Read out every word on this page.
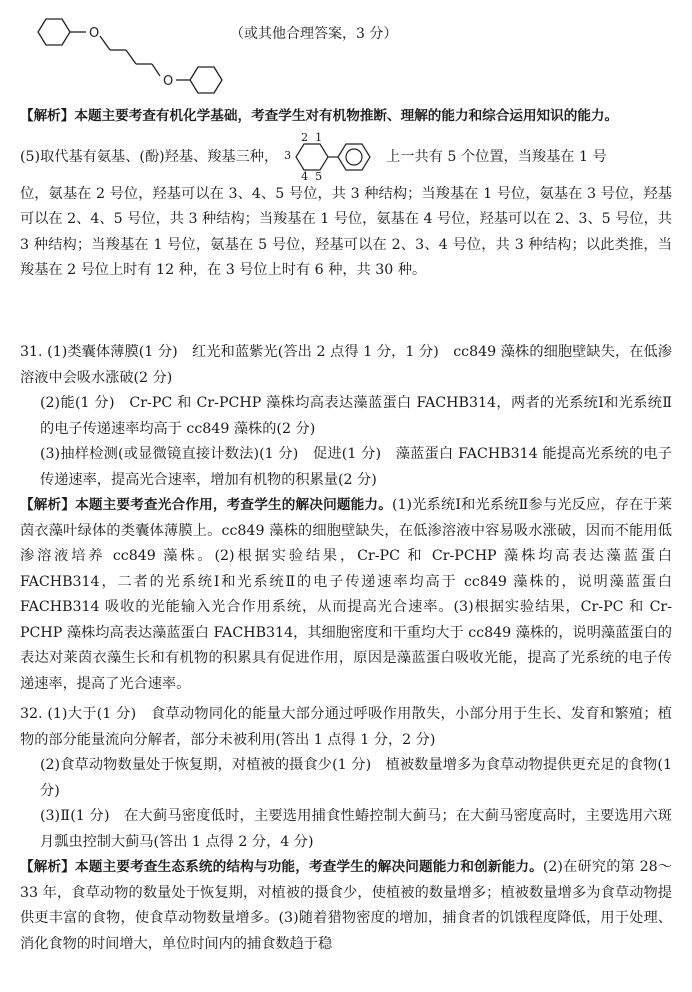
O
O
（或其他合理答案，3 分）

【解析】本题主要考查有机化学基础，考查学生对有机物推断、理解的能力和综合运用知识的能力。

(5)取代基有氨基、(酚)羟基、羧基三种， 3
2 1
4 5
上一共有 5 个位置，当羧基在 1 号

位，氨基在 2 号位，羟基可以在 3、4、5 号位，共 3 种结构；当羧基在 1 号位，氨基在 3 号位，羟基可以在 2、4、5 号位，共 3 种结构；当羧基在 1 号位，氨基在 4 号位，羟基可以在 2、3、5 号位，共 3 种结构；当羧基在 1 号位，氨基在 5 号位，羟基可以在 2、3、4 号位，共 3 种结构；以此类推，当羧基在 2 号位上时有 12 种，在 3 号位上时有 6 种，共 30 种。

31. (1)类囊体薄膜(1 分)　红光和蓝紫光(答出 2 点得 1 分，1 分)　cc849 藻株的细胞壁缺失，在低渗溶液中会吸水涨破(2 分)

(2)能(1 分)　Cr-PC 和 Cr-PCHP 藻株均高表达藻蓝蛋白 FACHB314，两者的光系统Ⅰ和光系统Ⅱ的电子传递速率均高于 cc849 藻株的(2 分)

(3)抽样检测(或显微镜直接计数法)(1 分)　促进(1 分)　藻蓝蛋白 FACHB314 能提高光系统的电子传递速率，提高光合速率，增加有机物的积累量(2 分)

【解析】本题主要考查光合作用，考查学生的解决问题能力。(1)光系统Ⅰ和光系统Ⅱ参与光反应，存在于莱茵衣藻叶绿体的类囊体薄膜上。cc849 藻株的细胞壁缺失，在低渗溶液中容易吸水涨破，因而不能用低渗溶液培养 cc849 藻株。(2)根据实验结果，Cr-PC 和 Cr-PCHP 藻株均高表达藻蓝蛋白 FACHB314，二者的光系统Ⅰ和光系统Ⅱ的电子传递速率均高于 cc849 藻株的，说明藻蓝蛋白 FACHB314 吸收的光能输入光合作用系统，从而提高光合速率。(3)根据实验结果，Cr-PC 和 Cr-PCHP 藻株均高表达藻蓝蛋白 FACHB314，其细胞密度和干重均大于 cc849 藻株的，说明藻蓝蛋白的表达对莱茵衣藻生长和有机物的积累具有促进作用，原因是藻蓝蛋白吸收光能，提高了光系统的电子传递速率，提高了光合速率。

32. (1)大于(1 分)　食草动物同化的能量大部分通过呼吸作用散失，小部分用于生长、发育和繁殖；植物的部分能量流向分解者，部分未被利用(答出 1 点得 1 分，2 分)

(2)食草动物数量处于恢复期，对植被的摄食少(1 分)　植被数量增多为食草动物提供更充足的食物(1 分)

(3)Ⅱ(1 分)　在大蓟马密度低时，主要选用捕食性蝽控制大蓟马；在大蓟马密度高时，主要选用六斑月瓢虫控制大蓟马(答出 1 点得 2 分，4 分)

【解析】本题主要考查生态系统的结构与功能，考查学生的解决问题能力和创新能力。(2)在研究的第 28～33 年，食草动物的数量处于恢复期，对植被的摄食少，使植被的数量增多；植被数量增多为食草动物提供更丰富的食物，使食草动物数量增多。(3)随着猎物密度的增加，捕食者的饥饿程度降低，用于处理、消化食物的时间增大，单位时间内的捕食数趋于稳
